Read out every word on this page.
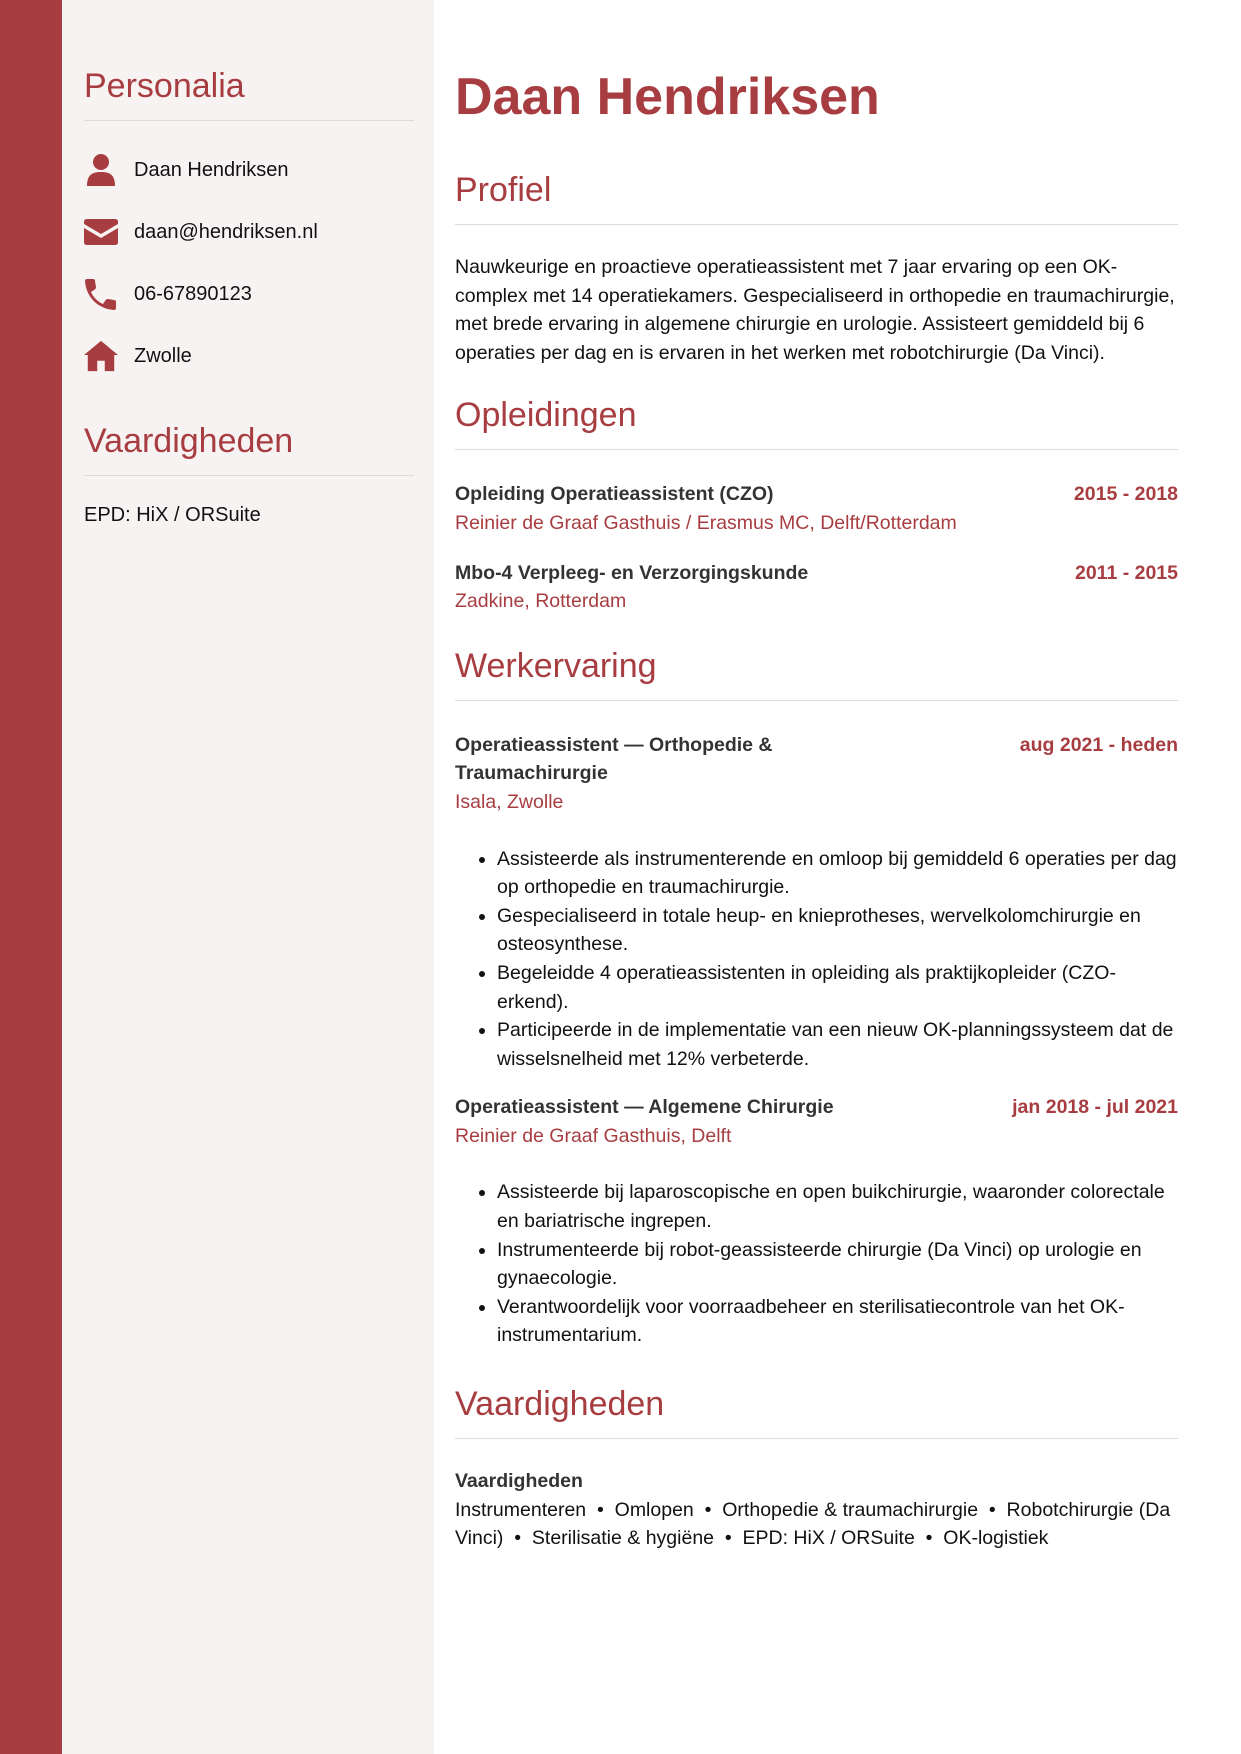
Personalia
Daan Hendriksen
daan@hendriksen.nl
06-67890123
Zwolle
Vaardigheden
EPD: HiX / ORSuite
Daan Hendriksen
Profiel

Nauwkeurige en proactieve operatieassistent met 7 jaar ervaring op een OK-complex met 14 operatiekamers. Gespecialiseerd in orthopedie en traumachirurgie, met brede ervaring in algemene chirurgie en urologie. Assisteert gemiddeld bij 6 operaties per dag en is ervaren in het werken met robotchirurgie (Da Vinci).

Opleidingen
Opleiding Operatieassistent (CZO)	2015 - 2018
Reinier de Graaf Gasthuis / Erasmus MC, Delft/Rotterdam
Mbo-4 Verpleeg- en Verzorgingskunde	2011 - 2015
Zadkine, Rotterdam
Werkervaring
Operatieassistent — Orthopedie & Traumachirurgie
aug 2021 - heden
Isala, Zwolle
• Assisteerde als instrumenterende en omloop bij gemiddeld 6 operaties per dag op orthopedie en traumachirurgie.
• Gespecialiseerd in totale heup- en knieprotheses, wervelkolomchirurgie en osteosynthese.
• Begeleidde 4 operatieassistenten in opleiding als praktijkopleider (CZO-erkend).
• Participeerde in de implementatie van een nieuw OK-planningssysteem dat de wisselsnelheid met 12% verbeterde.
Operatieassistent — Algemene Chirurgie	jan 2018 - jul 2021
Reinier de Graaf Gasthuis, Delft
• Assisteerde bij laparoscopische en open buikchirurgie, waaronder colorectale en bariatrische ingrepen.
• Instrumenteerde bij robot-geassisteerde chirurgie (Da Vinci) op urologie en gynaecologie.
• Verantwoordelijk voor voorraadbeheer en sterilisatiecontrole van het OK-instrumentarium.
Vaardigheden
Vaardigheden
Instrumenteren  •  Omlopen  •  Orthopedie & traumachirurgie  •  Robotchirurgie (Da Vinci)  •  Sterilisatie & hygiëne  •  EPD: HiX / ORSuite  •  OK-logistiek
